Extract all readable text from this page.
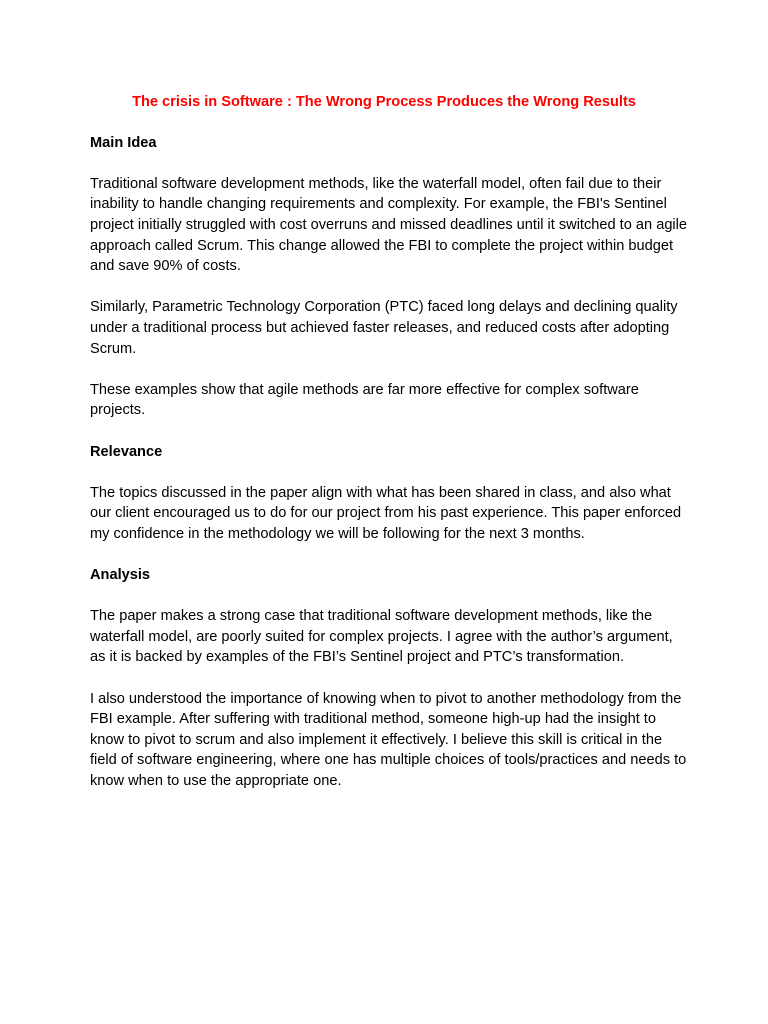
The crisis in Software : The Wrong Process Produces the Wrong Results
Main Idea
Traditional software development methods, like the waterfall model, often fail due to their inability to handle changing requirements and complexity. For example, the FBI's Sentinel project initially struggled with cost overruns and missed deadlines until it switched to an agile approach called Scrum. This change allowed the FBI to complete the project within budget and save 90% of costs.
Similarly, Parametric Technology Corporation (PTC) faced long delays and declining quality under a traditional process but achieved faster releases, and reduced costs after adopting Scrum.
These examples show that agile methods are far more effective for complex software projects.
Relevance
The topics discussed in the paper align with what has been shared in class, and also what our client encouraged us to do for our project from his past experience. This paper enforced my confidence in the methodology we will be following for the next 3 months.
Analysis
The paper makes a strong case that traditional software development methods, like the waterfall model, are poorly suited for complex projects. I agree with the author’s argument, as it is backed by examples of the FBI’s Sentinel project and PTC’s transformation.
I also understood the importance of knowing when to pivot to another methodology from the FBI example. After suffering with traditional method, someone high-up had the insight to know to pivot to scrum and also implement it effectively. I believe this skill is critical in the field of software engineering, where one has multiple choices of tools/practices and needs to know when to use the appropriate one.
